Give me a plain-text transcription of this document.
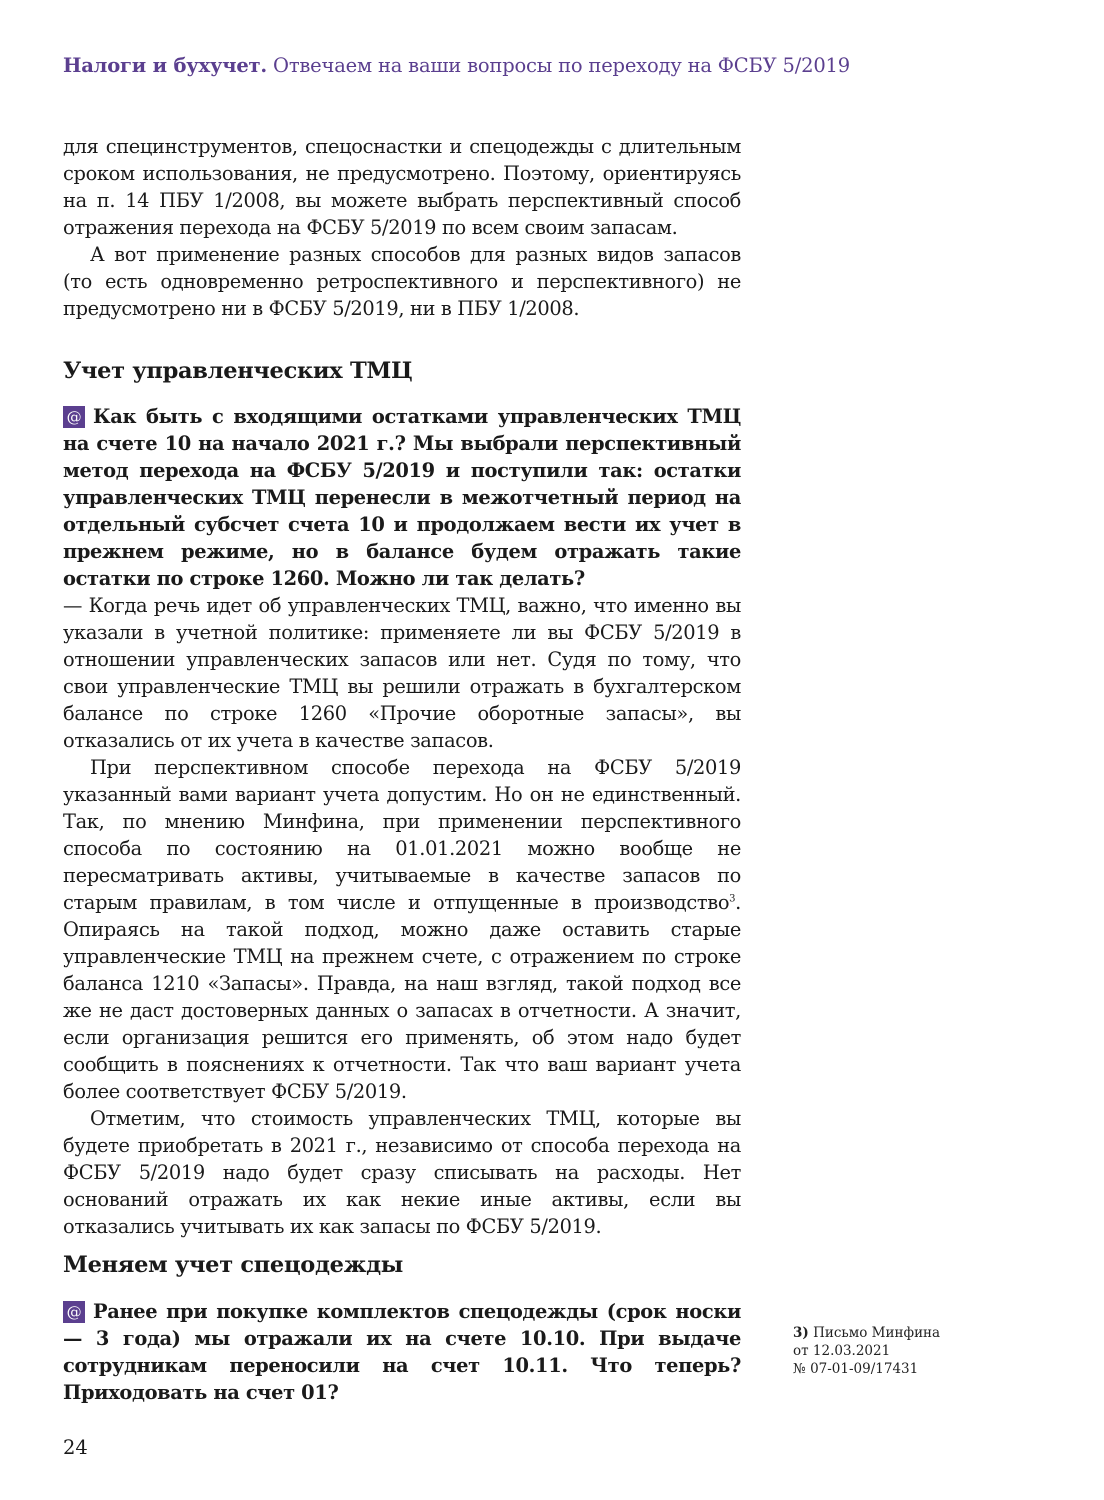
Налоги и бухучет. Отвечаем на ваши вопросы по переходу на ФСБУ 5/2019

для специнструментов, спецоснастки и спецодежды с длительным сроком использования, не предусмотрено. Поэтому, ориентируясь на п. 14 ПБУ 1/2008, вы можете выбрать перспективный способ отражения перехода на ФСБУ 5/2019 по всем своим запасам.

А вот применение разных способов для разных видов запасов (то есть одновременно ретроспективного и перспективного) не предусмотрено ни в ФСБУ 5/2019, ни в ПБУ 1/2008.

Учет управленческих ТМЦ

@ Как быть с входящими остатками управленческих ТМЦ на счете 10 на начало 2021 г.? Мы выбрали перспективный метод перехода на ФСБУ 5/2019 и поступили так: остатки управленческих ТМЦ перенесли в межотчетный период на отдельный субсчет счета 10 и продолжаем вести их учет в прежнем режиме, но в балансе будем отражать такие остатки по строке 1260. Можно ли так делать?

— Когда речь идет об управленческих ТМЦ, важно, что именно вы указали в учетной политике: применяете ли вы ФСБУ 5/2019 в отношении управленческих запасов или нет. Судя по тому, что свои управленческие ТМЦ вы решили отражать в бухгалтерском балансе по строке 1260 «Прочие оборотные запасы», вы отказались от их учета в качестве запасов.

При перспективном способе перехода на ФСБУ 5/2019 указанный вами вариант учета допустим. Но он не единственный. Так, по мнению Минфина, при применении перспективного способа по состоянию на 01.01.2021 можно вообще не пересматривать активы, учитываемые в качестве запасов по старым правилам, в том числе и отпущенные в производство$^3$. Опираясь на такой подход, можно даже оставить старые управленческие ТМЦ на прежнем счете, с отражением по строке баланса 1210 «Запасы». Правда, на наш взгляд, такой подход все же не даст достоверных данных о запасах в отчетности. А значит, если организация решится его применять, об этом надо будет сообщить в пояснениях к отчетности. Так что ваш вариант учета более соответствует ФСБУ 5/2019.

Отметим, что стоимость управленческих ТМЦ, которые вы будете приобретать в 2021 г., независимо от способа перехода на ФСБУ 5/2019 надо будет сразу списывать на расходы. Нет оснований отражать их как некие иные активы, если вы отказались учитывать их как запасы по ФСБУ 5/2019.

Меняем учет спецодежды

@ Ранее при покупке комплектов спецодежды (срок носки — 3 года) мы отражали их на счете 10.10. При выдаче сотрудникам переносили на счет 10.11. Что теперь? Приходовать на счет 01?

3) Письмо Минфина
от 12.03.2021
№ 07-01-09/17431
24
